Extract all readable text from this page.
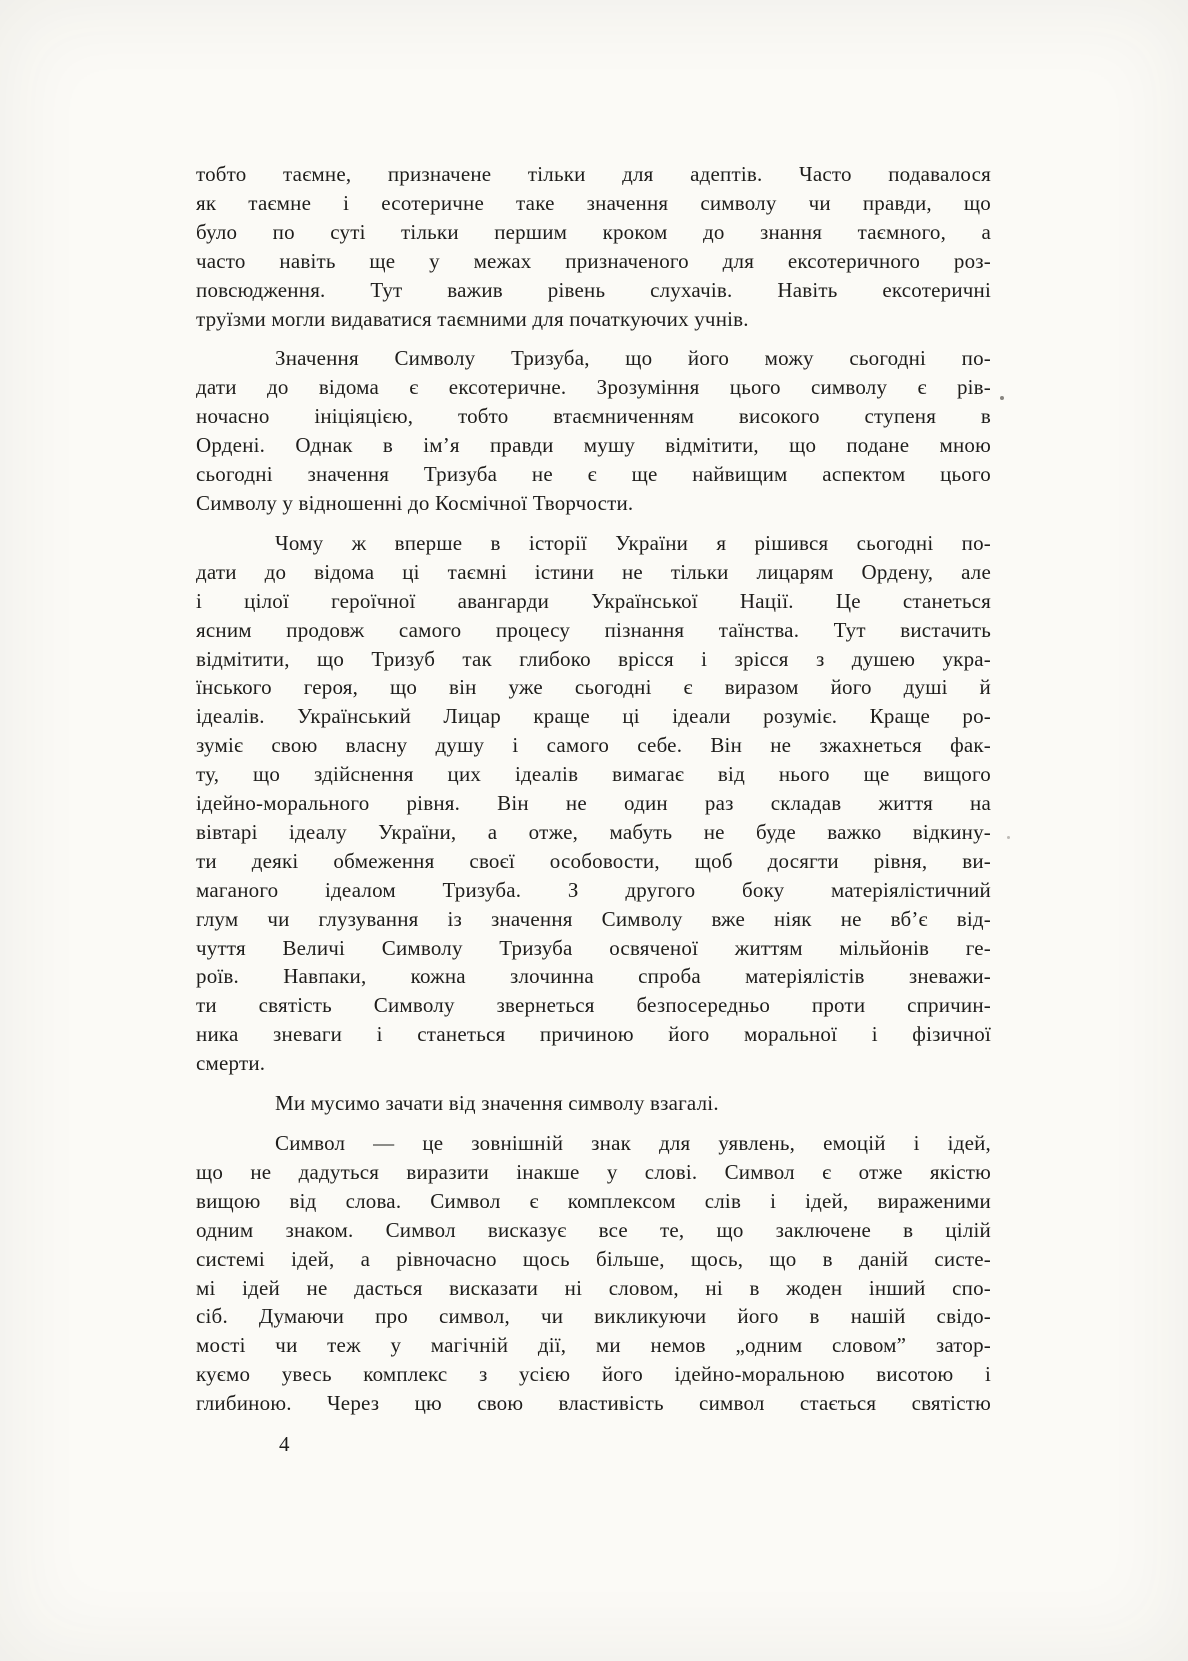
тобто таємне, призначене тільки для адептів. Часто подавалося
як таємне і есотеричне таке значення символу чи правди, що
було по суті тільки першим кроком до знання таємного, а
часто навіть ще у межах призначеного для ексотеричного роз-
повсюдження. Тут важив рівень слухачів. Навіть ексотеричні
труїзми могли видаватися таємними для початкуючих учнів.

Значення Символу Тризуба, що його можу сьогодні по-
дати до відома є ексотеричне. Зрозуміння цього символу є рів-
ночасно ініціяцією, тобто втаємниченням високого ступеня в
Ордені. Однак в ім’я правди мушу відмітити, що подане мною
сьогодні значення Тризуба не є ще найвищим аспектом цього
Символу у відношенні до Космічної Творчости.

Чому ж вперше в історії України я рішився сьогодні по-
дати до відома ці таємні істини не тільки лицарям Ордену, але
і цілої героїчної авангарди Української Нації. Це станеться
ясним продовж самого процесу пізнання таїнства. Тут вистачить
відмітити, що Тризуб так глибоко врісся і зрісся з душею укра-
їнського героя, що він уже сьогодні є виразом його душі й
ідеалів. Український Лицар краще ці ідеали розуміє. Краще ро-
зуміє свою власну душу і самого себе. Він не зжахнеться фак-
ту, що здійснення цих ідеалів вимагає від нього ще вищого
ідейно-морального рівня. Він не один раз складав життя на
вівтарі ідеалу України, а отже, мабуть не буде важко відкину-
ти деякі обмеження своєї особовости, щоб досягти рівня, ви-
маганого ідеалом Тризуба. З другого боку матеріялістичний
глум чи глузування із значення Символу вже ніяк не вб’є від-
чуття Величі Символу Тризуба освяченої життям мільйонів ге-
роїв. Навпаки, кожна злочинна спроба матеріялістів зневажи-
ти святість Символу звернеться безпосередньо проти спричин-
ника зневаги і станеться причиною його моральної і фізичної
смерти.

Ми мусимо зачати від значення символу взагалі.

Символ — це зовнішній знак для уявлень, емоцій і ідей,
що не дадуться виразити інакше у слові. Символ є отже якістю
вищою від слова. Символ є комплексом слів і ідей, вираженими
одним знаком. Символ висказує все те, що заключене в цілій
системі ідей, а рівночасно щось більше, щось, що в даній систе-
мі ідей не дасться висказати ні словом, ні в жоден інший спо-
сіб. Думаючи про символ, чи викликуючи його в нашій свідо-
мості чи теж у магічній дії, ми немов „одним словом” затор-
куємо увесь комплекс з усією його ідейно-моральною висотою і
глибиною. Через цю свою властивість символ стається святістю

4
